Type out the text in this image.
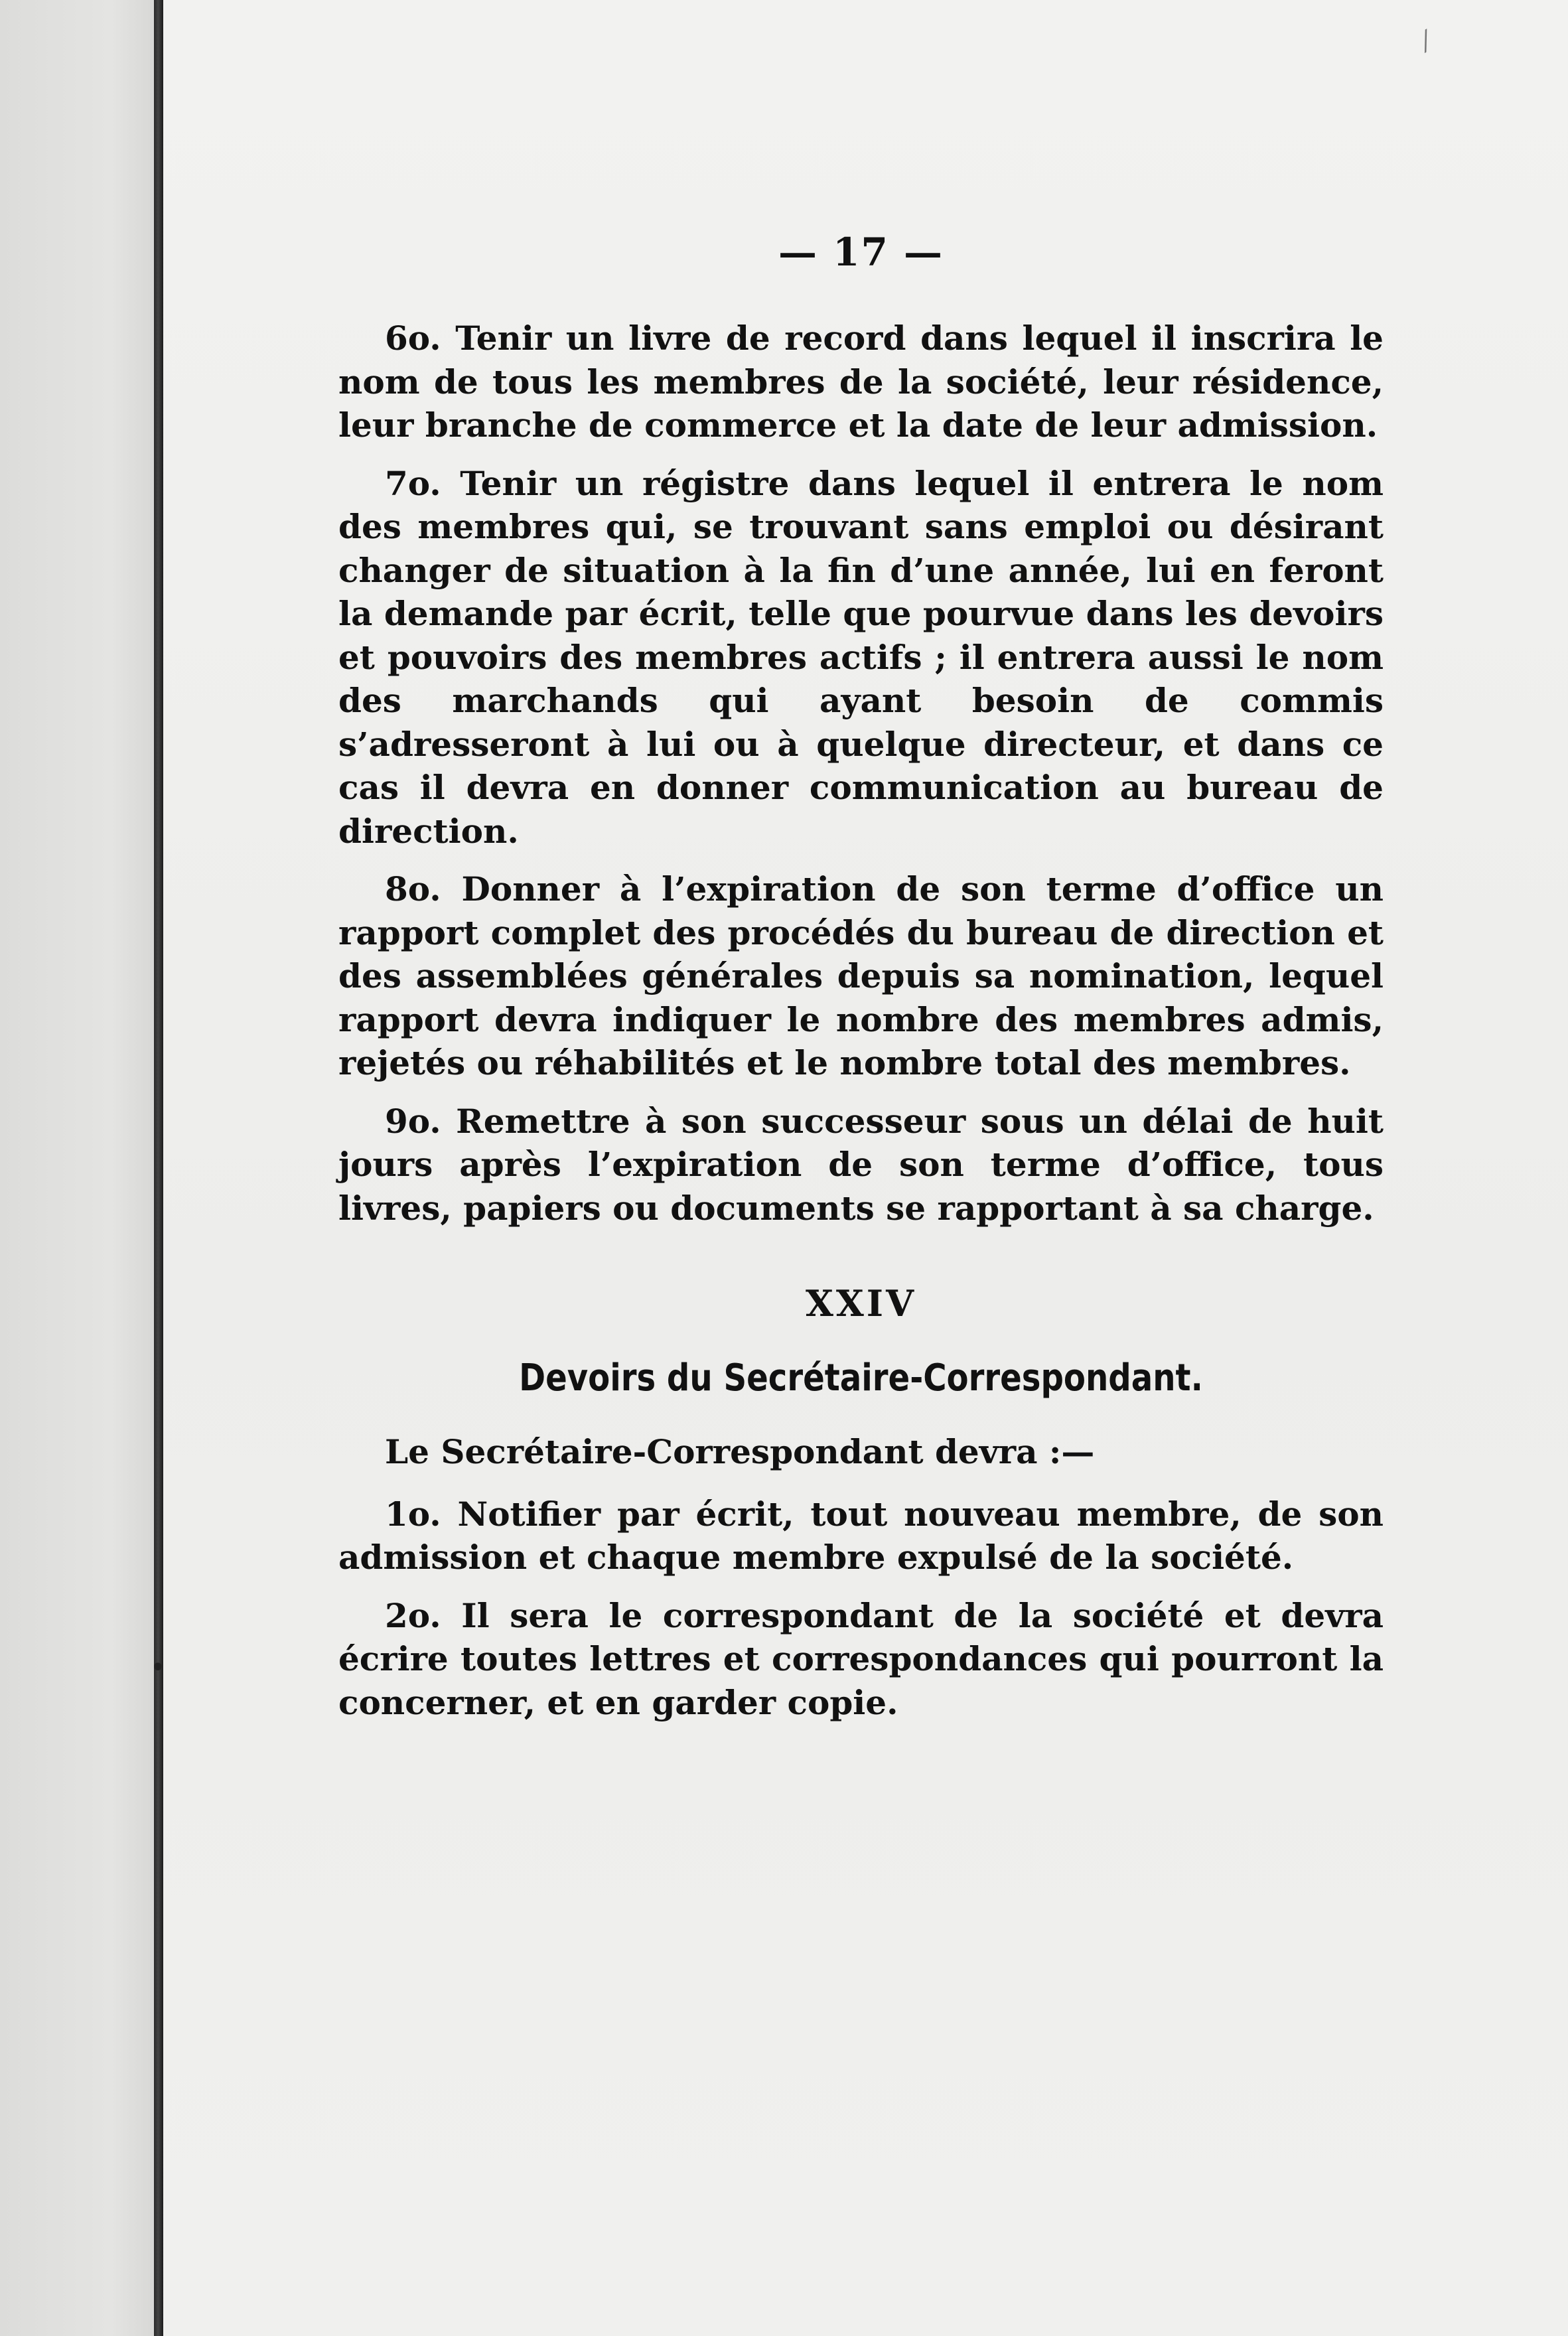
⁄
•
— 17 —

6o. Tenir un livre de record dans lequel il inscrira le nom de tous les membres de la société, leur résidence, leur branche de commerce et la date de leur admission.

7o. Tenir un régistre dans lequel il entrera le nom des membres qui, se trouvant sans emploi ou désirant changer de situation à la fin d’une année, lui en feront la demande par écrit, telle que pourvue dans les devoirs et pouvoirs des membres actifs ; il entrera aussi le nom des marchands qui ayant besoin de commis s’adresseront à lui ou à quelque directeur, et dans ce cas il devra en donner communication au bureau de direction.

8o. Donner à l’expiration de son terme d’office un rapport complet des procédés du bureau de direction et des assemblées générales depuis sa nomination, lequel rapport devra indiquer le nombre des membres admis, rejetés ou réhabilités et le nombre total des membres.

9o. Remettre à son successeur sous un délai de huit jours après l’expiration de son terme d’office, tous livres, papiers ou documents se rapportant à sa charge.

XXIV
Devoirs du Secrétaire-Correspondant.

Le Secrétaire-Correspondant devra :—

1o. Notifier par écrit, tout nouveau membre, de son admission et chaque membre expulsé de la société.

2o. Il sera le correspondant de la société et devra écrire toutes lettres et correspondances qui pourront la concerner, et en garder copie.
